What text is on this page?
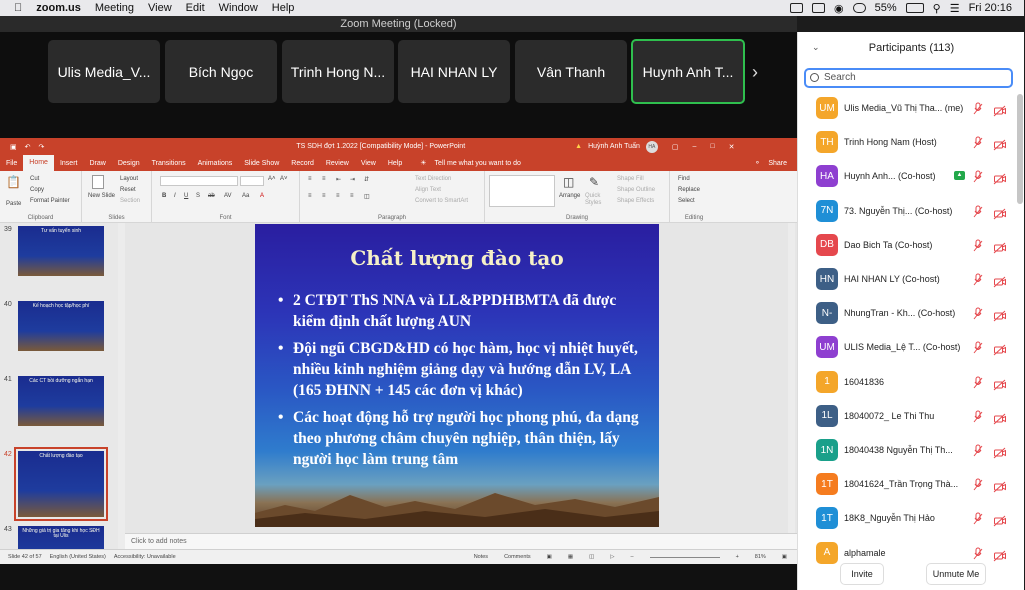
zoom.us Meeting View Edit Window Help	◉	55%	⚲ ☰ Fri 20:16
Zoom Meeting (Locked)
Ulis Media_V...	Bích Ngọc	Trinh Hong N... HAI NHAN LY	Vân Thanh	Huynh Anh T... ›
▣ ↶ ↷	TS SDH đợt 1.2022 [Compatibility Mode] - PowerPoint	▲ Huỳnh Anh Tuấn	HA	▢ – □ ✕
File	Home	Insert	Draw	Design	Transitions	Animations	Slide Show	Record	Review	View	Help	☀	Tell me what you want to do	⚬	Share
📋
Paste
Cut
Copy
Format Painter
Clipboard
New Slide
Layout
Reset
Section
Slides
A˄ A˅
B I U S ab AV Aa A
Font
≡ ≡ ⇤ ⇥ ⇵
≡ ≡ ≡ ≡ ◫
Text Direction
Align Text
Convert to SmartArt
Paragraph
◫
Arrange
✎
Quick Styles
Shape Fill
Shape Outline
Shape Effects
Drawing
Find
Replace
Select
Editing
39	Tư vấn tuyển sinh
40	Kế hoạch học tập/học phí
41	Các CT bồi dưỡng ngắn hạn
42	Chất lượng đào tạo
43 Những giá trị gia tăng khi học SĐH tại Ulis
Chất lượng đào tạo
• 2 CTĐT ThS NNA và LL&PPDHBMTA đã được kiểm định chất lượng AUN
• Đội ngũ CBGD&HD có học hàm, học vị nhiệt huyết, nhiều kinh nghiệm giảng dạy và hướng dẫn LV, LA (165 ĐHNN + 145 các đơn vị khác)
• Các hoạt động hỗ trợ người học phong phú, đa dạng theo phương châm chuyên nghiệp, thân thiện, lấy người học làm trung tâm
Click to add notes
Slide 42 of 57 English (United States) Accessibility: Unavailable	Notes	Comments	▣	▦	◫	▷	–	+	81%	▣
⌄	Participants (113)
Search
UM	Ulis Media_Vũ Thị Tha... (me)
TH	Trinh Hong Nam (Host)
HA	Huynh Anh... (Co-host)	▲
7N	73. Nguyễn Thị... (Co-host)
DB	Dao Bich Ta (Co-host)
HN	HAI NHAN LY (Co-host)
N-	NhungTran - Kh... (Co-host)
UM	ULIS Media_Lệ T... (Co-host)
1	16041836
1L	18040072_ Le Thi Thu
1N	18040438 Nguyễn Thị Th...
1T	18041624_Trần Trọng Thà...
1T	18K8_Nguyễn Thị Hảo
A	alphamale
Invite	Unmute Me
